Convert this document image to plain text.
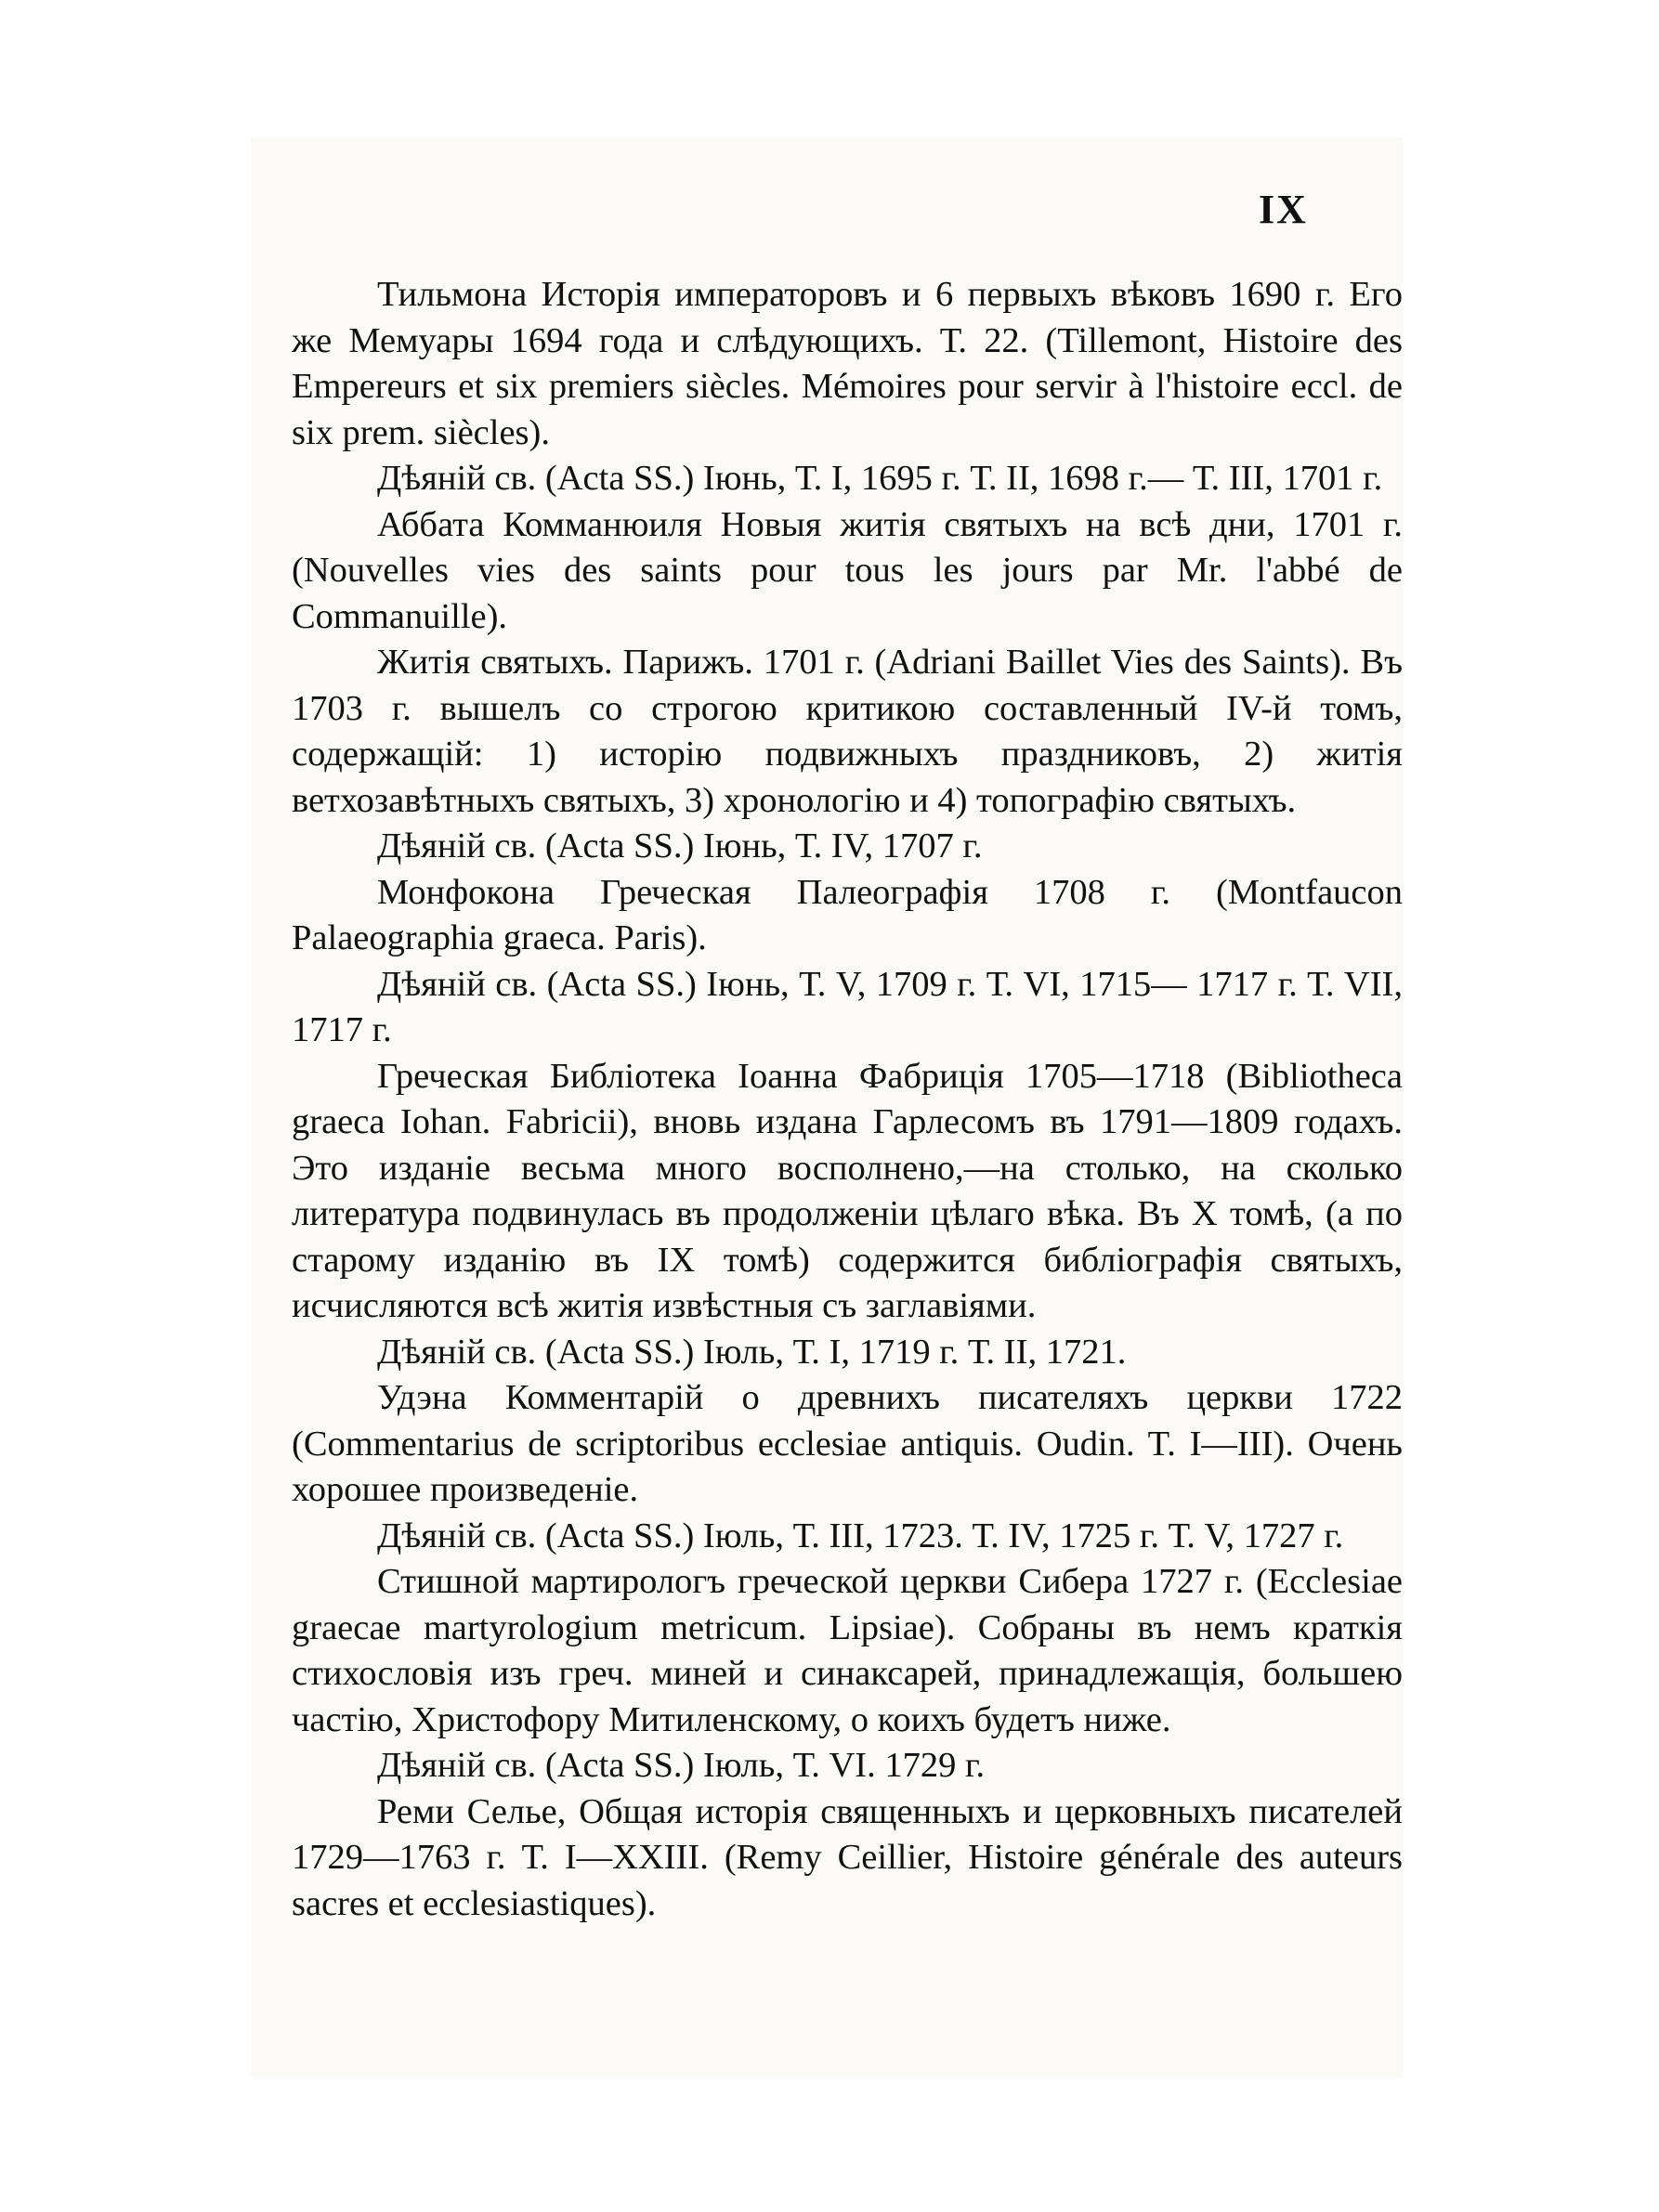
IX

Тильмона Исторія императоровъ и 6 первыхъ вѣковъ 1690 г. Его же Мемуары 1694 года и слѣдующихъ. Т. 22. (Tillemont, Histoire des Empereurs et six premiers siècles. Mémoires pour servir à l'histoire eccl. de six prem. siècles).

Дѣяній св. (Acta SS.) Іюнь, Т. I, 1695 г. Т. II, 1698 г.— Т. III, 1701 г.

Аббата Комманюиля Новыя житія святыхъ на всѣ дни, 1701 г. (Nouvelles vies des saints pour tous les jours par Mr. l'abbé de Commanuille).

Житія святыхъ. Парижъ. 1701 г. (Adriani Baillet Vies des Saints). Въ 1703 г. вышелъ со строгою критикою составленный IV-й томъ, содержащій: 1) исторію подвижныхъ праздниковъ, 2) житія ветхозавѣтныхъ святыхъ, 3) хронологію и 4) топографію святыхъ.

Дѣяній св. (Acta SS.) Іюнь, Т. IV, 1707 г.

Монфокона Греческая Палеографія 1708 г. (Montfaucon Palaeographia graeca. Paris).

Дѣяній св. (Acta SS.) Іюнь, Т. V, 1709 г. Т. VI, 1715— 1717 г. Т. VII, 1717 г.

Греческая Библіотека Іоанна Фабриція 1705—1718 (Bibliotheca graeca Iohan. Fabricii), вновь издана Гарлесомъ въ 1791—1809 годахъ. Это изданіе весьма много восполнено,—на столько, на сколько литература подвинулась въ продолженіи цѣлаго вѣка. Въ X томѣ, (а по старому изданію въ IX томѣ) содержится библіографія святыхъ, исчисляются всѣ житія извѣстныя съ заглавіями.

Дѣяній св. (Acta SS.) Іюль, Т. I, 1719 г. Т. II, 1721.

Удэна Комментарій о древнихъ писателяхъ церкви 1722 (Commentarius de scriptoribus ecclesiae antiquis. Oudin. T. I—III). Очень хорошее произведеніе.

Дѣяній св. (Acta SS.) Іюль, Т. III, 1723. Т. IV, 1725 г. Т. V, 1727 г.

Стишной мартирологъ греческой церкви Сибера 1727 г. (Ecclesiae graecae martyrologium metricum. Lipsiae). Собраны въ немъ краткія стихословія изъ греч. миней и синаксарей, принадлежащія, большею частію, Христофору Митиленскому, о коихъ будетъ ниже.

Дѣяній св. (Acta SS.) Іюль, Т. VI. 1729 г.

Реми Селье, Общая исторія священныхъ и церковныхъ писателей 1729—1763 г. Т. I—XXIII. (Remy Ceillier, Histoire générale des auteurs sacres et ecclesiastiques).
